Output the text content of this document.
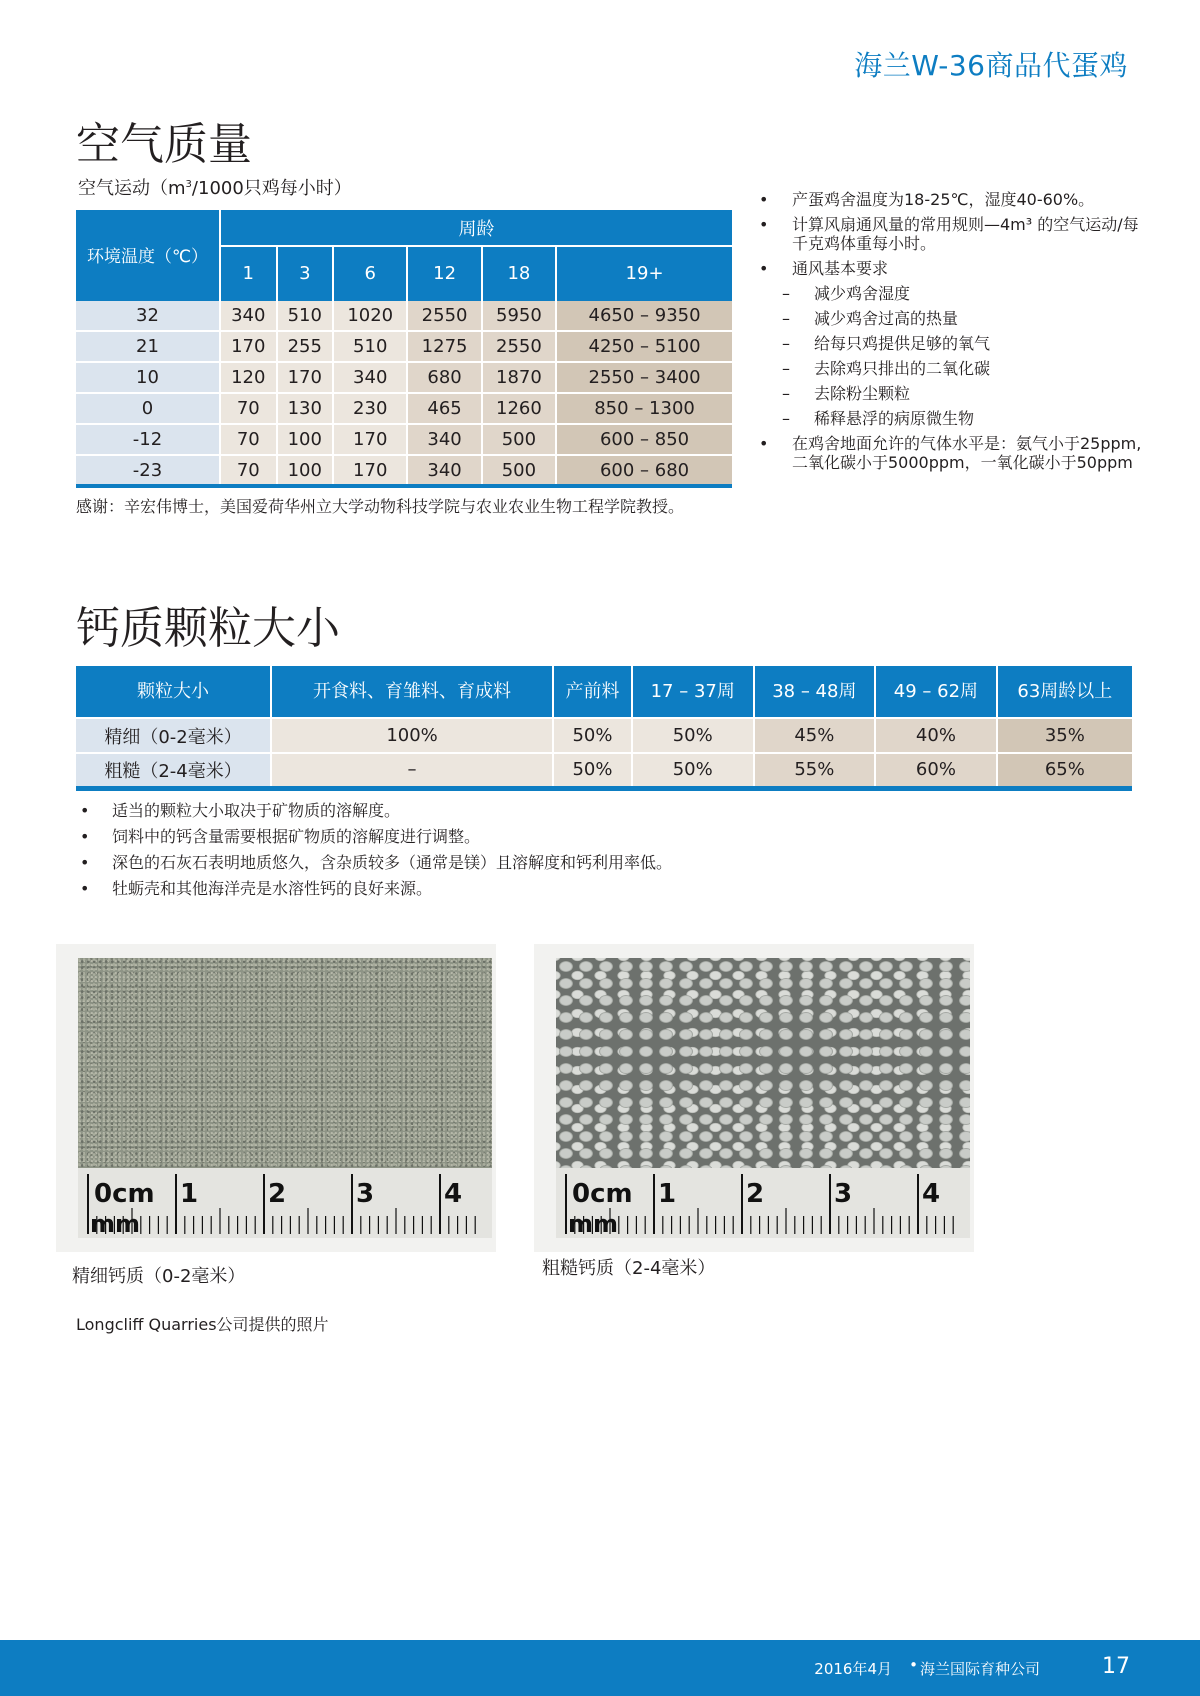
海兰W-36商品代蛋鸡
空气质量
空气运动（$m^3/1000$只鸡每小时）
环境温度（℃）	周龄					
	1	3	6	12	18	19+
32	340	510	1020	2550	5950	4650 – 9350
21	170	255	510	1275	2550	4250 – 5100
10	120	170	340	680	1870	2550 – 3400
0	70	130	230	465	1260	850 – 1300
-12	70	100	170	340	500	600 – 850
-23	70	100	170	340	500	600 – 680
感谢：辛宏伟博士，美国爱荷华州立大学动物科技学院与农业农业生物工程学院教授。
• 产蛋鸡舍温度为18-25℃，湿度40-60%。
• 计算风扇通风量的常用规则—4m³ 的空气运动/每千克鸡体重每小时。
• 通风基本要求
– 减少鸡舍湿度
– 减少鸡舍过高的热量
– 给每只鸡提供足够的氧气
– 去除鸡只排出的二氧化碳
– 去除粉尘颗粒
– 稀释悬浮的病原微生物
• 在鸡舍地面允许的气体水平是：氨气小于25ppm,二氧化碳小于5000ppm，一氧化碳小于50ppm
钙质颗粒大小
颗粒大小	开食料、育雏料、育成料	产前料	17 – 37周	38 – 48周	49 – 62周	63周龄以上
精细（0-2毫米）	100%	50%	50%	45%	40%	35%
粗糙（2-4毫米）	–	50%	50%	55%	60%	65%
• 适当的颗粒大小取决于矿物质的溶解度。
• 饲料中的钙含量需要根据矿物质的溶解度进行调整。
• 深色的石灰石表明地质悠久，含杂质较多（通常是镁）且溶解度和钙利用率低。
• 牡蛎壳和其他海洋壳是水溶性钙的良好来源。
0cm
mm
1	2	3	4	0cm
mm
1	2	3	4
精细钙质（0-2毫米）	粗糙钙质（2-4毫米）
Longcliff Quarries公司提供的照片
2016年4月 • 海兰国际育种公司	17
